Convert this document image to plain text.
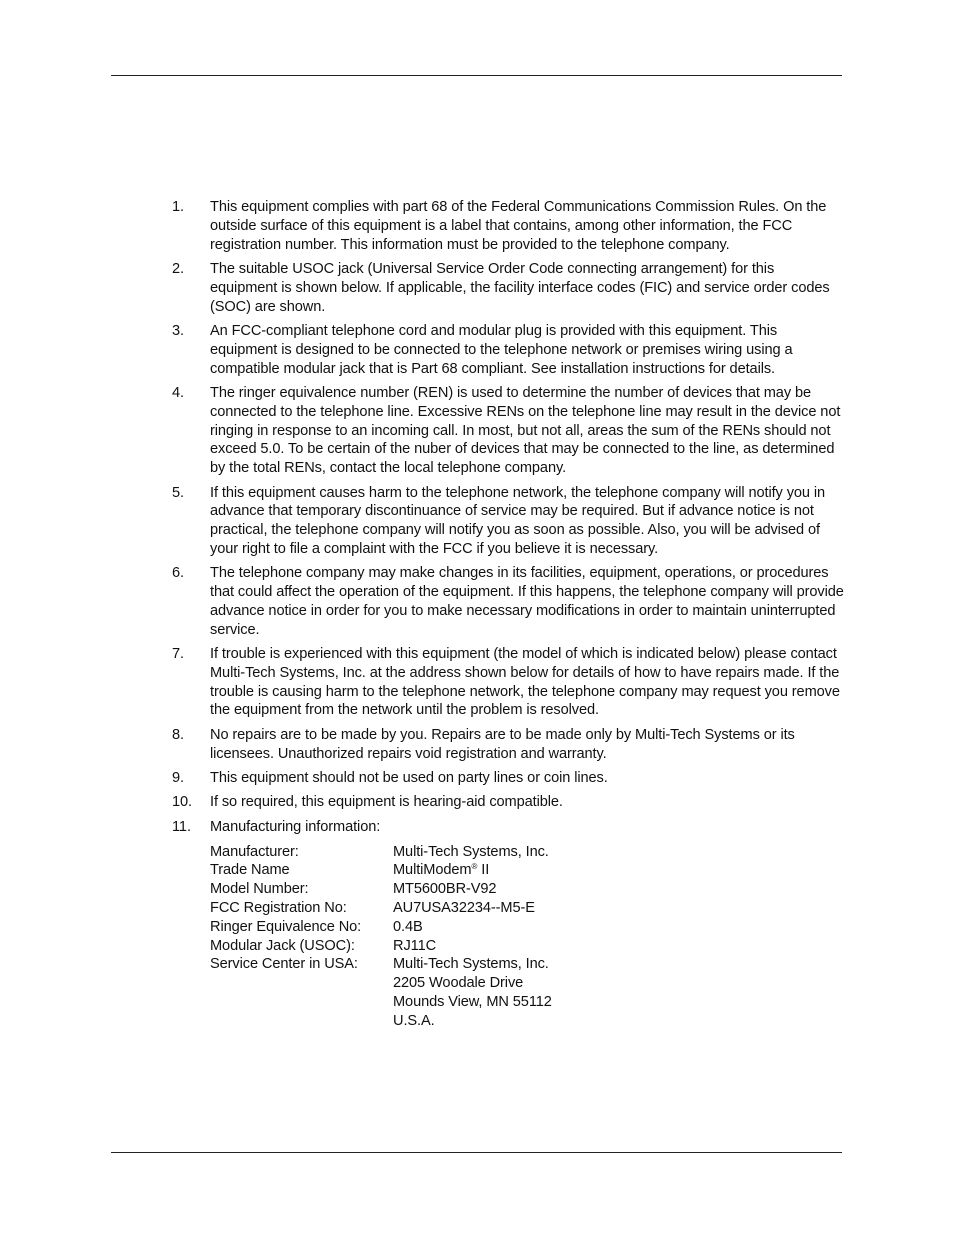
1. This equipment complies with part 68 of the Federal Communications Commission Rules. On the outside surface of this equipment is a label that contains, among other information, the FCC registration number. This information must be provided to the telephone company.
2. The suitable USOC jack (Universal Service Order Code connecting arrangement) for this equipment is shown below. If applicable, the facility interface codes (FIC) and service order codes (SOC) are shown.
3. An FCC-compliant telephone cord and modular plug is provided with this equipment. This equipment is designed to be connected to the telephone network or premises wiring using a compatible modular jack that is Part 68 compliant. See installation instructions for details.
4. The ringer equivalence number (REN) is used to determine the number of devices that may be connected to the telephone line. Excessive RENs on the telephone line may result in the device not ringing in response to an incoming call. In most, but not all, areas the sum of the RENs should not exceed 5.0. To be certain of the nuber of devices that may be connected to the line, as determined by the total RENs, contact the local telephone company.
5. If this equipment causes harm to the telephone network, the telephone company will notify you in advance that temporary discontinuance of service may be required. But if advance notice is not practical, the telephone company will notify you as soon as possible. Also, you will be advised of your right to file a complaint with the FCC if you believe it is necessary.
6. The telephone company may make changes in its facilities, equipment, operations, or procedures that could affect the operation of the equipment. If this happens, the telephone company will provide advance notice in order for you to make necessary modifications in order to maintain uninterrupted service.
7. If trouble is experienced with this equipment (the model of which is indicated below) please contact Multi-Tech Systems, Inc. at the address shown below for details of how to have repairs made. If the trouble is causing harm to the telephone network, the telephone company may request you remove the equipment from the network until the problem is resolved.
8. No repairs are to be made by you. Repairs are to be made only by Multi-Tech Systems or its licensees. Unauthorized repairs void registration and warranty.
9. This equipment should not be used on party lines or coin lines.
10. If so required, this equipment is hearing-aid compatible.
11. Manufacturing information:
Manufacturer:	Multi-Tech Systems, Inc.
Trade Name	MultiModem® II
Model Number:	MT5600BR-V92
FCC Registration No:	AU7USA32234--M5-E
Ringer Equivalence No:	0.4B
Modular Jack (USOC):	RJ11C
Service Center in USA:	Multi-Tech Systems, Inc.
2205 Woodale Drive
Mounds View, MN 55112
U.S.A.
